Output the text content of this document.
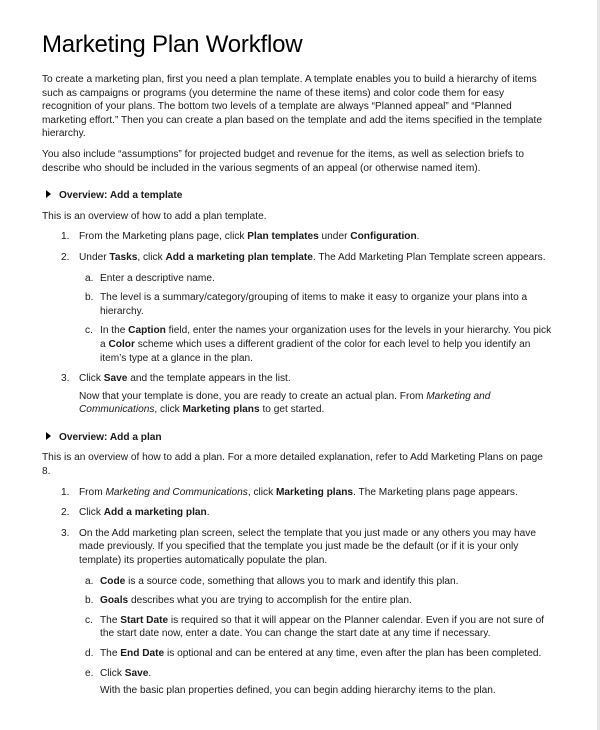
Marketing Plan Workflow

To create a marketing plan, first you need a plan template. A template enables you to build a hierarchy of items such as campaigns or programs (you determine the name of these items) and color code them for easy recognition of your plans. The bottom two levels of a template are always “Planned appeal” and “Planned marketing effort.” Then you can create a plan based on the template and add the items specified in the template hierarchy.

You also include “assumptions” for projected budget and revenue for the items, as well as selection briefs to describe who should be included in the various segments of an appeal (or otherwise named item).

Overview: Add a template

This is an overview of how to add a plan template.

1. From the Marketing plans page, click Plan templates under Configuration.
2. Under Tasks, click Add a marketing plan template. The Add Marketing Plan Template screen appears.
a. Enter a descriptive name.
b. The level is a summary/category/grouping of items to make it easy to organize your plans into a hierarchy.
c. In the Caption field, enter the names your organization uses for the levels in your hierarchy. You pick a Color scheme which uses a different gradient of the color for each level to help you identify an item’s type at a glance in the plan.
3. Click Save and the template appears in the list.

Now that your template is done, you are ready to create an actual plan. From Marketing and Communications, click Marketing plans to get started.

Overview: Add a plan

This is an overview of how to add a plan. For a more detailed explanation, refer to Add Marketing Plans on page 8.

1. From Marketing and Communications, click Marketing plans. The Marketing plans page appears.
2. Click Add a marketing plan.
3. On the Add marketing plan screen, select the template that you just made or any others you may have made previously. If you specified that the template you just made be the default (or if it is your only template) its properties automatically populate the plan.
a. Code is a source code, something that allows you to mark and identify this plan.
b. Goals describes what you are trying to accomplish for the entire plan.
c. The Start Date is required so that it will appear on the Planner calendar. Even if you are not sure of the start date now, enter a date. You can change the start date at any time if necessary.
d. The End Date is optional and can be entered at any time, even after the plan has been completed.
e. Click Save.

With the basic plan properties defined, you can begin adding hierarchy items to the plan.
